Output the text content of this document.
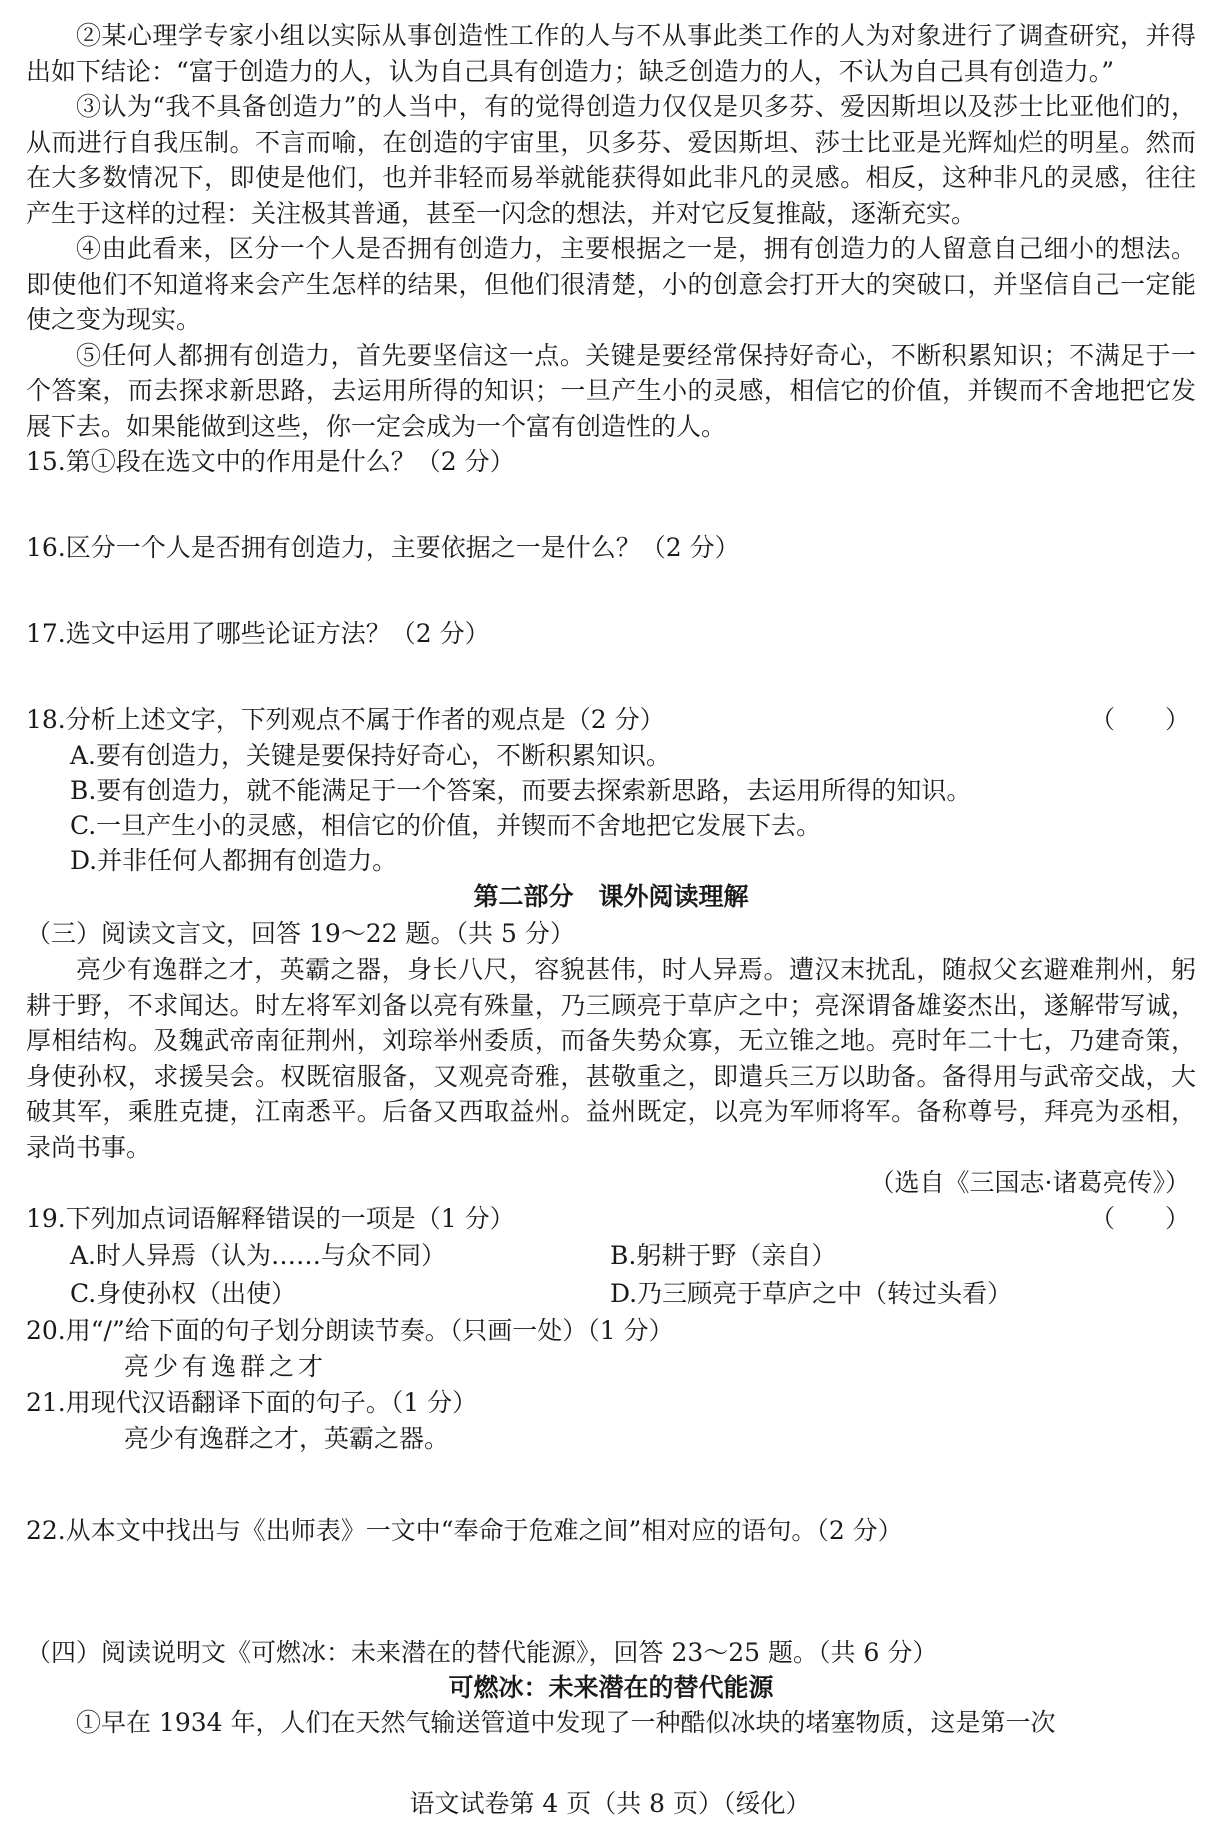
②某心理学专家小组以实际从事创造性工作的人与不从事此类工作的人为对象进行了调查研究，并得出如下结论：“富于创造力的人，认为自己具有创造力；缺乏创造力的人，不认为自己具有创造力。”

③认为“我不具备创造力”的人当中，有的觉得创造力仅仅是贝多芬、爱因斯坦以及莎士比亚他们的，从而进行自我压制。不言而喻，在创造的宇宙里，贝多芬、爱因斯坦、莎士比亚是光辉灿烂的明星。然而在大多数情况下，即使是他们，也并非轻而易举就能获得如此非凡的灵感。相反，这种非凡的灵感，往往产生于这样的过程：关注极其普通，甚至一闪念的想法，并对它反复推敲，逐渐充实。

④由此看来，区分一个人是否拥有创造力，主要根据之一是，拥有创造力的人留意自己细小的想法。即使他们不知道将来会产生怎样的结果，但他们很清楚，小的创意会打开大的突破口，并坚信自己一定能使之变为现实。

⑤任何人都拥有创造力，首先要坚信这一点。关键是要经常保持好奇心，不断积累知识；不满足于一个答案，而去探求新思路，去运用所得的知识；一旦产生小的灵感，相信它的价值，并锲而不舍地把它发展下去。如果能做到这些，你一定会成为一个富有创造性的人。

15.第①段在选文中的作用是什么？（2 分）

16.区分一个人是否拥有创造力，主要依据之一是什么？（2 分）

17.选文中运用了哪些论证方法？（2 分）

18.分析上述文字，下列观点不属于作者的观点是（2 分）	（　　）

A.要有创造力，关键是要保持好奇心，不断积累知识。

B.要有创造力，就不能满足于一个答案，而要去探索新思路，去运用所得的知识。

C.一旦产生小的灵感，相信它的价值，并锲而不舍地把它发展下去。

D.并非任何人都拥有创造力。

第二部分　课外阅读理解

（三）阅读文言文，回答 19～22 题。（共 5 分）

亮少有逸群之才，英霸之器，身长八尺，容貌甚伟，时人异焉。遭汉末扰乱，随叔父玄避难荆州，躬耕于野，不求闻达。时左将军刘备以亮有殊量，乃三顾亮于草庐之中；亮深谓备雄姿杰出，遂解带写诚，厚相结构。及魏武帝南征荆州，刘琮举州委质，而备失势众寡，无立锥之地。亮时年二十七，乃建奇策，身使孙权，求援吴会。权既宿服备，又观亮奇雅，甚敬重之，即遣兵三万以助备。备得用与武帝交战，大破其军，乘胜克捷，江南悉平。后备又西取益州。益州既定，以亮为军师将军。备称尊号，拜亮为丞相，录尚书事。

（选自《三国志·诸葛亮传》）

19.下列加点词语解释错误的一项是（1 分）	（　　）
A.时人异焉（认为……与众不同）	B.躬耕于野（亲自）
C.身使孙权（出使）	D.乃三顾亮于草庐之中（转过头看）

20.用“/”给下面的句子划分朗读节奏。（只画一处）（1 分）

亮少有逸群之才

21.用现代汉语翻译下面的句子。（1 分）

亮少有逸群之才，英霸之器。

22.从本文中找出与《出师表》一文中“奉命于危难之间”相对应的语句。（2 分）

（四）阅读说明文《可燃冰：未来潜在的替代能源》，回答 23～25 题。（共 6 分）

可燃冰：未来潜在的替代能源

①早在 1934 年，人们在天然气输送管道中发现了一种酷似冰块的堵塞物质，这是第一次

语文试卷第 4 页（共 8 页）（绥化）
